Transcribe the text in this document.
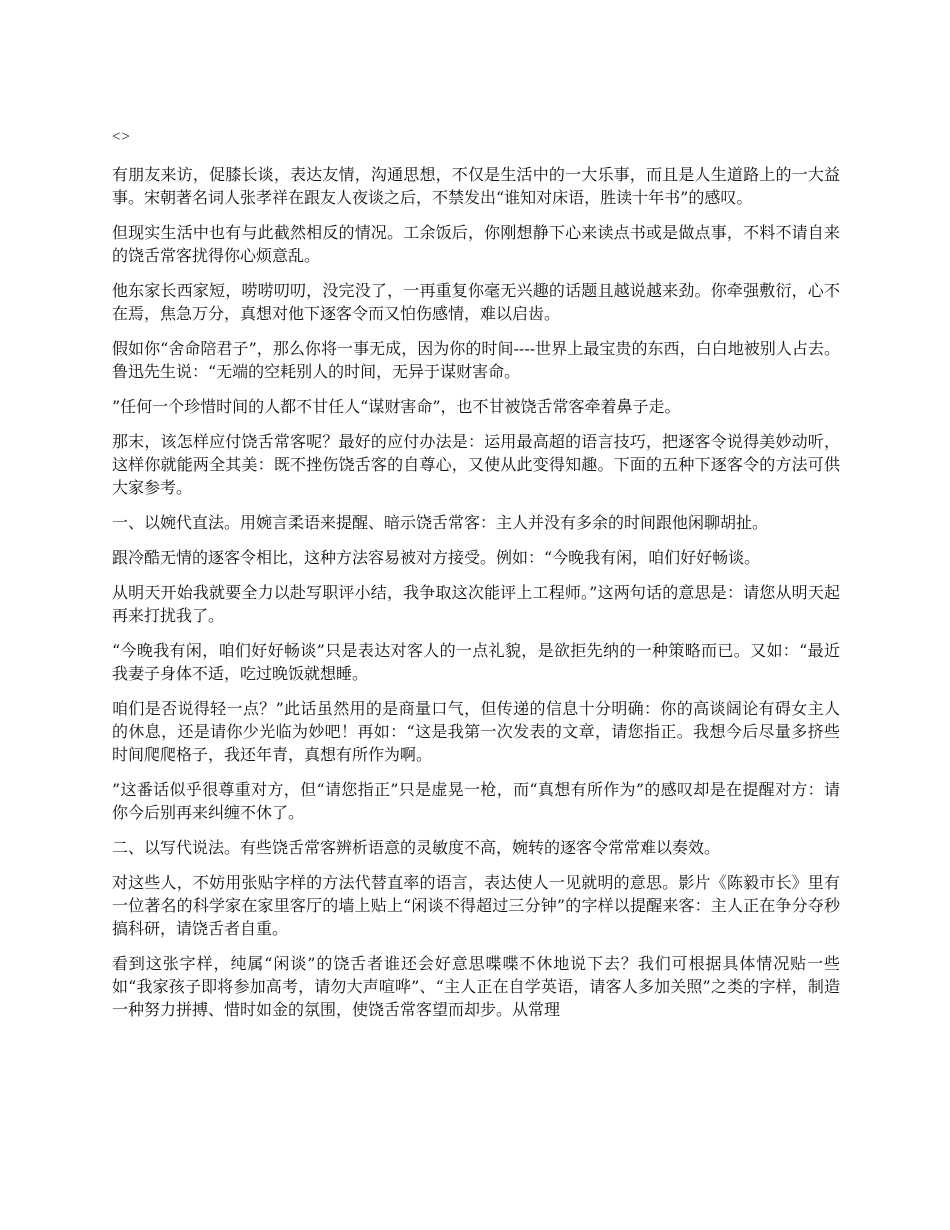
<>

有朋友来访，促膝长谈，表达友情，沟通思想，不仅是生活中的一大乐事，而且是人生道路上的一大益事。宋朝著名词人张孝祥在跟友人夜谈之后，不禁发出“谁知对床语，胜读十年书”的感叹。

但现实生活中也有与此截然相反的情况。工余饭后，你刚想静下心来读点书或是做点事，不料不请自来的饶舌常客扰得你心烦意乱。

他东家长西家短，唠唠叨叨，没完没了，一再重复你毫无兴趣的话题且越说越来劲。你牵强敷衍，心不在焉，焦急万分，真想对他下逐客令而又怕伤感情，难以启齿。

假如你“舍命陪君子”，那么你将一事无成，因为你的时间----世界上最宝贵的东西，白白地被别人占去。鲁迅先生说：“无端的空耗别人的时间，无异于谋财害命。

”任何一个珍惜时间的人都不甘任人“谋财害命”，也不甘被饶舌常客牵着鼻子走。

那末，该怎样应付饶舌常客呢？最好的应付办法是：运用最高超的语言技巧，把逐客令说得美妙动听，这样你就能两全其美：既不挫伤饶舌客的自尊心，又使从此变得知趣。下面的五种下逐客令的方法可供大家参考。

一、以婉代直法。用婉言柔语来提醒、暗示饶舌常客：主人并没有多余的时间跟他闲聊胡扯。

跟冷酷无情的逐客令相比，这种方法容易被对方接受。例如：“今晚我有闲，咱们好好畅谈。

从明天开始我就要全力以赴写职评小结，我争取这次能评上工程师。”这两句话的意思是：请您从明天起再来打扰我了。

“今晚我有闲，咱们好好畅谈”只是表达对客人的一点礼貌，是欲拒先纳的一种策略而已。又如：“最近我妻子身体不适，吃过晚饭就想睡。

咱们是否说得轻一点？”此话虽然用的是商量口气，但传递的信息十分明确：你的高谈阔论有碍女主人的休息，还是请你少光临为妙吧！再如：“这是我第一次发表的文章，请您指正。我想今后尽量多挤些时间爬爬格子，我还年青，真想有所作为啊。

”这番话似乎很尊重对方，但“请您指正”只是虚晃一枪，而“真想有所作为”的感叹却是在提醒对方：请你今后别再来纠缠不休了。

二、以写代说法。有些饶舌常客辨析语意的灵敏度不高，婉转的逐客令常常难以奏效。

对这些人，不妨用张贴字样的方法代替直率的语言，表达使人一见就明的意思。影片《陈毅市长》里有一位著名的科学家在家里客厅的墙上贴上“闲谈不得超过三分钟”的字样以提醒来客：主人正在争分夺秒搞科研，请饶舌者自重。

看到这张字样，纯属“闲谈”的饶舌者谁还会好意思喋喋不休地说下去？我们可根据具体情况贴一些如“我家孩子即将参加高考，请勿大声喧哗”、“主人正在自学英语，请客人多加关照”之类的字样，制造一种努力拼搏、惜时如金的氛围，使饶舌常客望而却步。从常理
